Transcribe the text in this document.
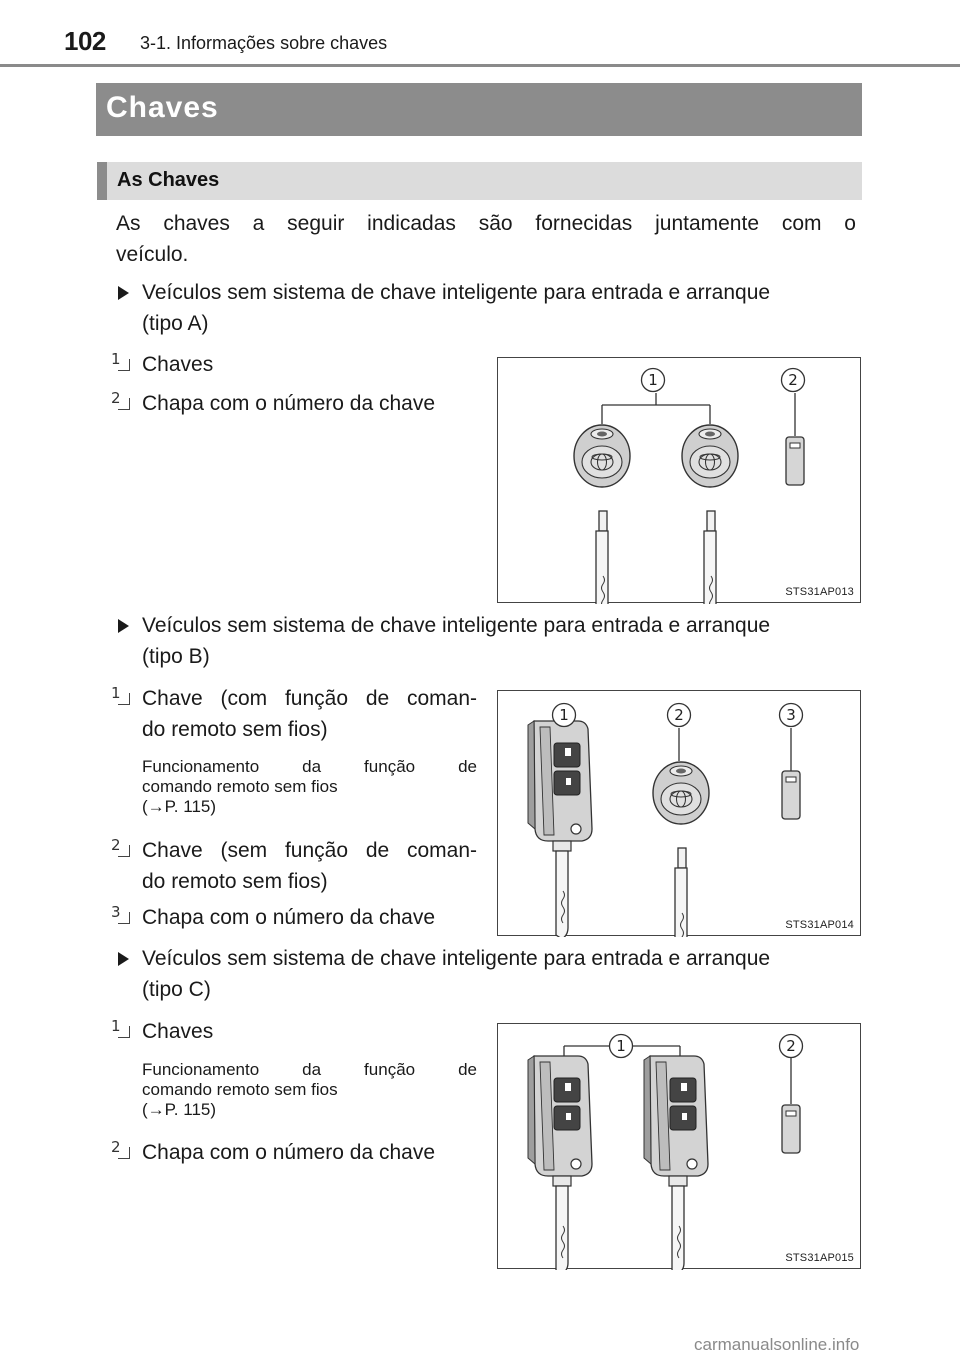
102 3-1. Informações sobre chaves
Chaves
As Chaves
As chaves a seguir indicadas são fornecidas juntamente com o
veículo.
Veículos sem sistema de chave inteligente para entrada e arranque
(tipo A)
1 Chaves
2 Chapa com o número da chave
1	2
STS31AP013
Veículos sem sistema de chave inteligente para entrada e arranque
(tipo B)
1 Chave (com função de coman-
do remoto sem fios)
Funcionamento da função de
comando remoto sem fios
(→P. 115)
2 Chave (sem função de coman-
do remoto sem fios)
3 Chapa com o número da chave
1	2	3
STS31AP014
Veículos sem sistema de chave inteligente para entrada e arranque
(tipo C)
1 Chaves
Funcionamento da função de
comando remoto sem fios
(→P. 115)
2 Chapa com o número da chave
1	2
STS31AP015
carmanualsonline.info
